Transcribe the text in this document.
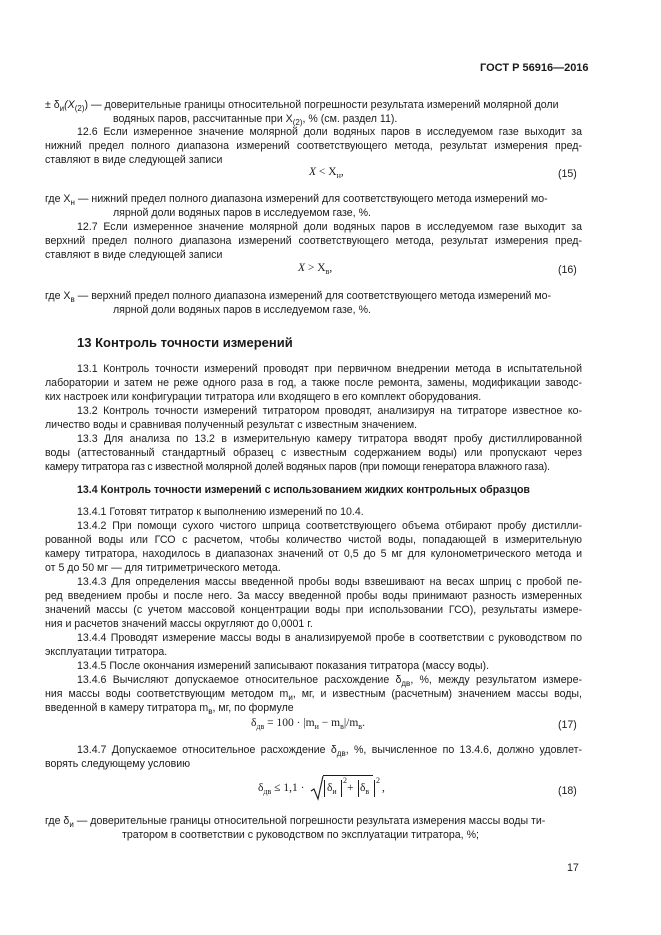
ГОСТ Р 56916—2016
± $\delta_и(X_{(2)})$ — доверительные границы относительной погрешности результата измерений молярной доли
водяных паров, рассчитанные при $X_{(2)}$, % (см. раздел 11).
12.6 Если измеренное значение молярной доли водяных паров в исследуемом газе выходит за
нижний предел полного диапазона измерений соответствующего метода, результат измерения пред-
ставляют в виде следующей записи
$X < X_н$,	(15)
где $X_н$ — нижний предел полного диапазона измерений для соответствующего метода измерений мо-
лярной доли водяных паров в исследуемом газе, %.
12.7 Если измеренное значение молярной доли водяных паров в исследуемом газе выходит за
верхний предел полного диапазона измерений соответствующего метода, результат измерения пред-
ставляют в виде следующей записи
$X > X_в$,	(16)
где $X_в$ — верхний предел полного диапазона измерений для соответствующего метода измерений мо-
лярной доли водяных паров в исследуемом газе, %.
13 Контроль точности измерений
13.1 Контроль точности измерений проводят при первичном внедрении метода в испытательной
лаборатории и затем не реже одного раза в год, а также после ремонта, замены, модификации заводс-
ких настроек или конфигурации титратора или входящего в его комплект оборудования.
13.2 Контроль точности измерений титратором проводят, анализируя на титраторе известное ко-
личество воды и сравнивая полученный результат с известным значением.
13.3 Для анализа по 13.2 в измерительную камеру титратора вводят пробу дистиллированной
воды (аттестованный стандартный образец с известным содержанием воды) или пропускают через
камеру титратора газ с известной молярной долей водяных паров (при помощи генератора влажного газа).
13.4 Контроль точности измерений с использованием жидких контрольных образцов
13.4.1 Готовят титратор к выполнению измерений по 10.4.
13.4.2 При помощи сухого чистого шприца соответствующего объема отбирают пробу дистилли-
рованной воды или ГСО с расчетом, чтобы количество чистой воды, попадающей в измерительную
камеру титратора, находилось в диапазонах значений от 0,5 до 5 мг для кулонометрического метода и
от 5 до 50 мг — для титриметрического метода.
13.4.3 Для определения массы введенной пробы воды взвешивают на весах шприц с пробой пе-
ред введением пробы и после него. За массу введенной пробы воды принимают разность измеренных
значений массы (с учетом массовой концентрации воды при использовании ГСО), результаты измере-
ния и расчетов значений массы округляют до 0,0001 г.
13.4.4 Проводят измерение массы воды в анализируемой пробе в соответствии с руководством по
эксплуатации титратора.
13.4.5 После окончания измерений записывают показания титратора (массу воды).
13.4.6 Вычисляют допускаемое относительное расхождение $\delta_{дв}$, %, между результатом измере-
ния массы воды соответствующим методом $m_и$, мг, и известным (расчетным) значением массы воды,
введенной в камеру титратора $m_в$, мг, по формуле
$\delta_{дв} = 100 \cdot |m_и - m_в|/m_в$.	(17)
13.4.7 Допускаемое относительное расхождение $\delta_{дв}$, %, вычисленное по 13.4.6, должно удовлет-
ворять следующему условию
$\delta_{дв} \le 1,1 \cdot \delta_и$
2
+ $\delta_в$
2
,	(18)
где $\delta_и$ — доверительные границы относительной погрешности результата измерения массы воды ти-
тратором в соответствии с руководством по эксплуатации титратора, %;
17
